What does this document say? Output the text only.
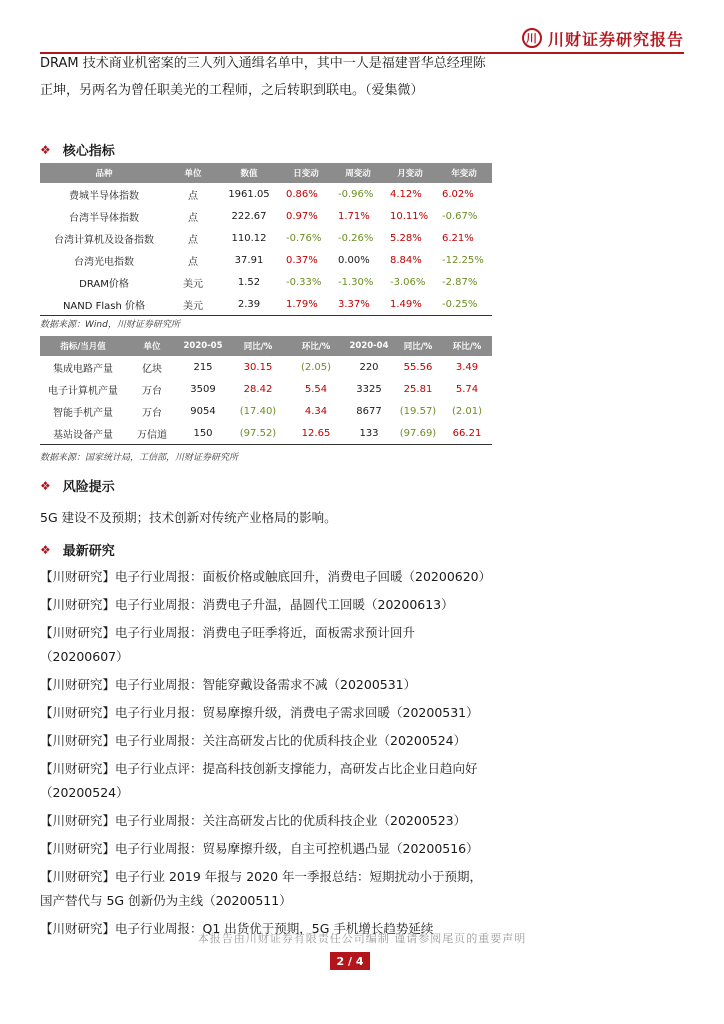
川 川财证券研究报告
DRAM 技术商业机密案的三人列入通缉名单中，其中一人是福建晋华总经理陈正坤，另两名为曾任职美光的工程师，之后转职到联电。（爱集微）
❖ 核心指标
品种	单位	数值	日变动	周变动	月变动	年变动
费城半导体指数	点	1961.05	0.86%	-0.96%	4.12%	6.02%
台湾半导体指数	点	222.67	0.97%	1.71%	10.11%	-0.67%
台湾计算机及设备指数	点	110.12	-0.76%	-0.26%	5.28%	6.21%
台湾光电指数	点	37.91	0.37%	0.00%	8.84%	-12.25%
DRAM价格	美元	1.52	-0.33%	-1.30%	-3.06%	-2.87%
NAND Flash 价格	美元	2.39	1.79%	3.37%	1.49%	-0.25%
数据来源：Wind，川财证券研究所
指标/当月值	单位	2020-05	同比/%	环比/%	2020-04	同比/%	环比/%
集成电路产量	亿块	215	30.15	(2.05)	220	55.56	3.49
电子计算机产量	万台	3509	28.42	5.54	3325	25.81	5.74
智能手机产量	万台	9054	(17.40)	4.34	8677	(19.57)	(2.01)
基站设备产量	万信道	150	(97.52)	12.65	133	(97.69)	66.21
数据来源：国家统计局，工信部，川财证券研究所
❖ 风险提示
5G 建设不及预期；技术创新对传统产业格局的影响。
❖ 最新研究
【川财研究】电子行业周报：面板价格或触底回升，消费电子回暖（20200620）
【川财研究】电子行业周报：消费电子升温，晶圆代工回暖（20200613）
【川财研究】电子行业周报：消费电子旺季将近，面板需求预计回升（20200607）
【川财研究】电子行业周报：智能穿戴设备需求不减（20200531）
【川财研究】电子行业月报：贸易摩擦升级，消费电子需求回暖（20200531）
【川财研究】电子行业周报：关注高研发占比的优质科技企业（20200524）
【川财研究】电子行业点评：提高科技创新支撑能力，高研发占比企业日趋向好（20200524）
【川财研究】电子行业周报：关注高研发占比的优质科技企业（20200523）
【川财研究】电子行业周报：贸易摩擦升级，自主可控机遇凸显（20200516）
【川财研究】电子行业 2019 年报与 2020 年一季报总结：短期扰动小于预期，国产替代与 5G 创新仍为主线（20200511）
【川财研究】电子行业周报：Q1 出货优于预期，5G 手机增长趋势延续
本报告由川财证券有限责任公司编制 谨请参阅尾页的重要声明
2 / 4
